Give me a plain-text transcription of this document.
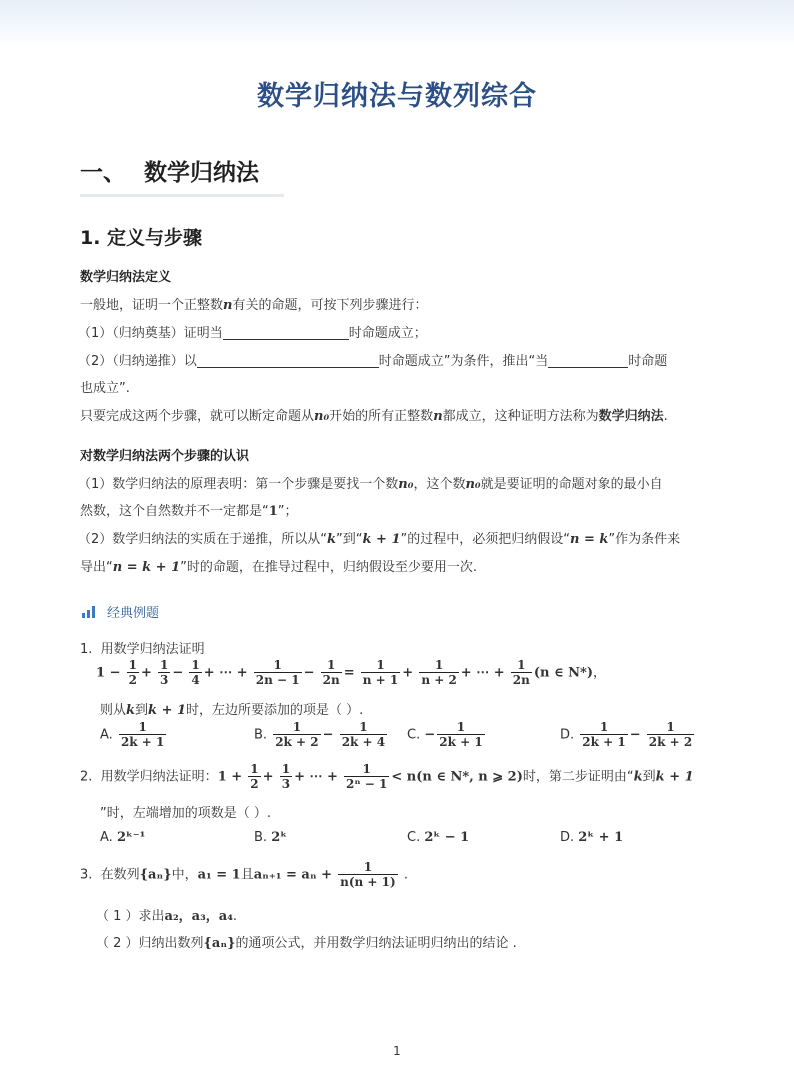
数学归纳法与数列综合
一、 数学归纳法
1. 定义与步骤
数学归纳法定义
一般地，证明一个正整数n有关的命题，可按下列步骤进行：
（1）（归纳奠基）证明当	时命题成立；
（2）（归纳递推）以	时命题成立”为条件，推出“当	时命题
也成立”.
只要完成这两个步骤，就可以断定命题从n₀开始的所有正整数n都成立，这种证明方法称为数学归纳法.
对数学归纳法两个步骤的认识
（1）数学归纳法的原理表明：第一个步骤是要找一个数n₀，这个数n₀就是要证明的命题对象的最小自
然数，这个自然数并不一定都是“1”；
（2）数学归纳法的实质在于递推，所以从“k”到“k + 1”的过程中，必须把归纳假设“n = k”作为条件来
导出“n = k + 1”时的命题，在推导过程中，归纳假设至少要用一次.
经典例题
1. 用数学归纳法证明
$1 - \frac{1}{2} + \frac{1}{3} - \frac{1}{4}$ + ⋯ + $\frac{1}{2n - 1} - \frac{1}{2n} = \frac{1}{n + 1} + \frac{1}{n + 2}$ + ⋯ + $\frac{1}{2n} (n$ ∈ N*)，
则从k到k + 1时，左边所要添加的项是（ ）.
A. $\frac{1}{2k + 1}$	B. $\frac{1}{2k + 2} - \frac{1}{2k + 4} C$. − $\frac{1}{2k + 1}$	D. $\frac{1}{2k + 1} - \frac{1}{2k + 2}$
2. 用数学归纳法证明：$1 + \frac{1}{2} + \frac{1}{3}$ + ⋯ + $\frac{1}{\text{2ⁿ − 1}} < n(n$ ∈ N*, n ⩾ 2)时，第二步证明由“k到k + 1
”时，左端增加的项数是（ ）.
A. 2ᵏ⁻¹	B. 2ᵏ	C. 2ᵏ − 1	D. 2ᵏ + 1
3. 在数列{aₙ}中，a₁ = 1且$a_{n+1} = a_n + \frac{1}{n(n + 1)}$ .
（ 1 ）求出a₂，a₃，a₄.
（ 2 ）归纳出数列{aₙ}的通项公式，并用数学归纳法证明归纳出的结论 .
1
